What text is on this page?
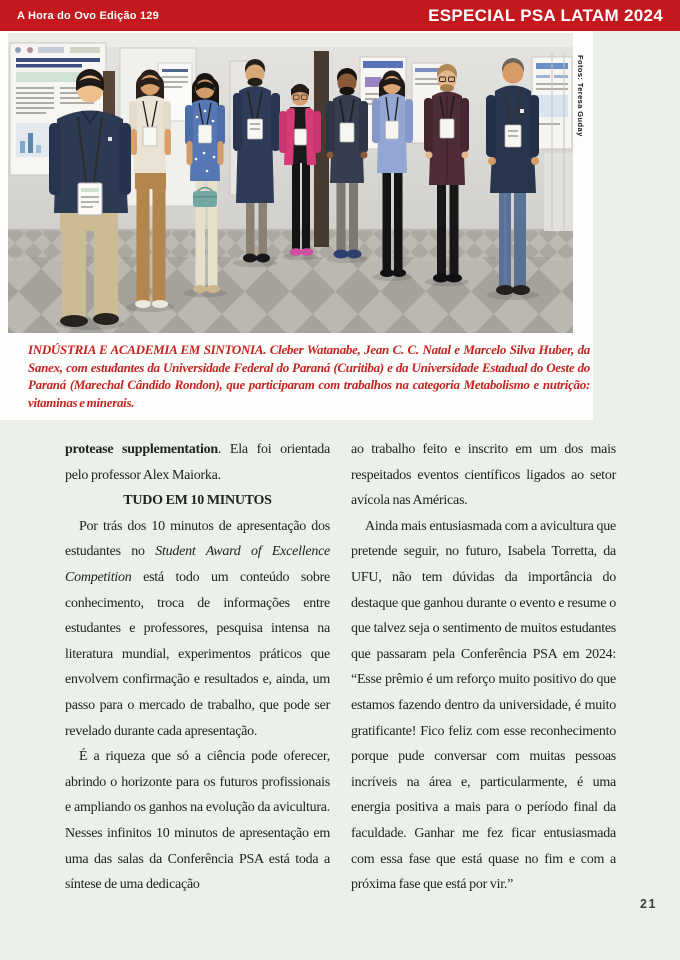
A Hora do Ovo Edição 129	ESPECIAL PSA LATAM 2024
Fotos: Teresa Guday
INDÚSTRIA E ACADEMIA EM SINTONIA. Cleber Watanabe, Jean C. C. Natal e Marcelo Silva Huber, da Sanex, com estudantes da Universidade Federal do Paraná (Curitiba) e da Universidade Estadual do Oeste do Paraná (Marechal Cândido Rondon), que participaram com trabalhos na categoria Metabolismo e nutrição: vitaminas e minerais.

protease supplementation. Ela foi orientada pelo professor Alex Maiorka.

TUDO EM 10 MINUTOS

Por trás dos 10 minutos de apresentação dos estudantes no Student Award of Excellence Competition está todo um conteúdo sobre conhecimento, troca de informações entre estudantes e professores, pesquisa intensa na literatura mundial, experimentos práticos que envolvem confirmação e resultados e, ainda, um passo para o mercado de trabalho, que pode ser revelado durante cada apresentação.

É a riqueza que só a ciência pode oferecer, abrindo o horizonte para os futuros profissionais e ampliando os ganhos na evolução da avicultura. Nesses infinitos 10 minutos de apresentação em uma das salas da Conferência PSA está toda a síntese de uma dedicação

ao trabalho feito e inscrito em um dos mais respeitados eventos científicos ligados ao setor avícola nas Américas.

Ainda mais entusiasmada com a avicultura que pretende seguir, no futuro, Isabela Torretta, da UFU, não tem dúvidas da importância do destaque que ganhou durante o evento e resume o que talvez seja o sentimento de muitos estudantes que passaram pela Conferência PSA em 2024: “Esse prêmio é um reforço muito positivo do que estamos fazendo dentro da universidade, é muito gratificante! Fico feliz com esse reconhecimento porque pude conversar com muitas pessoas incríveis na área e, particularmente, é uma energia positiva a mais para o período final da faculdade. Ganhar me fez ficar entusiasmada com essa fase que está quase no fim e com a próxima fase que está por vir.”

21
